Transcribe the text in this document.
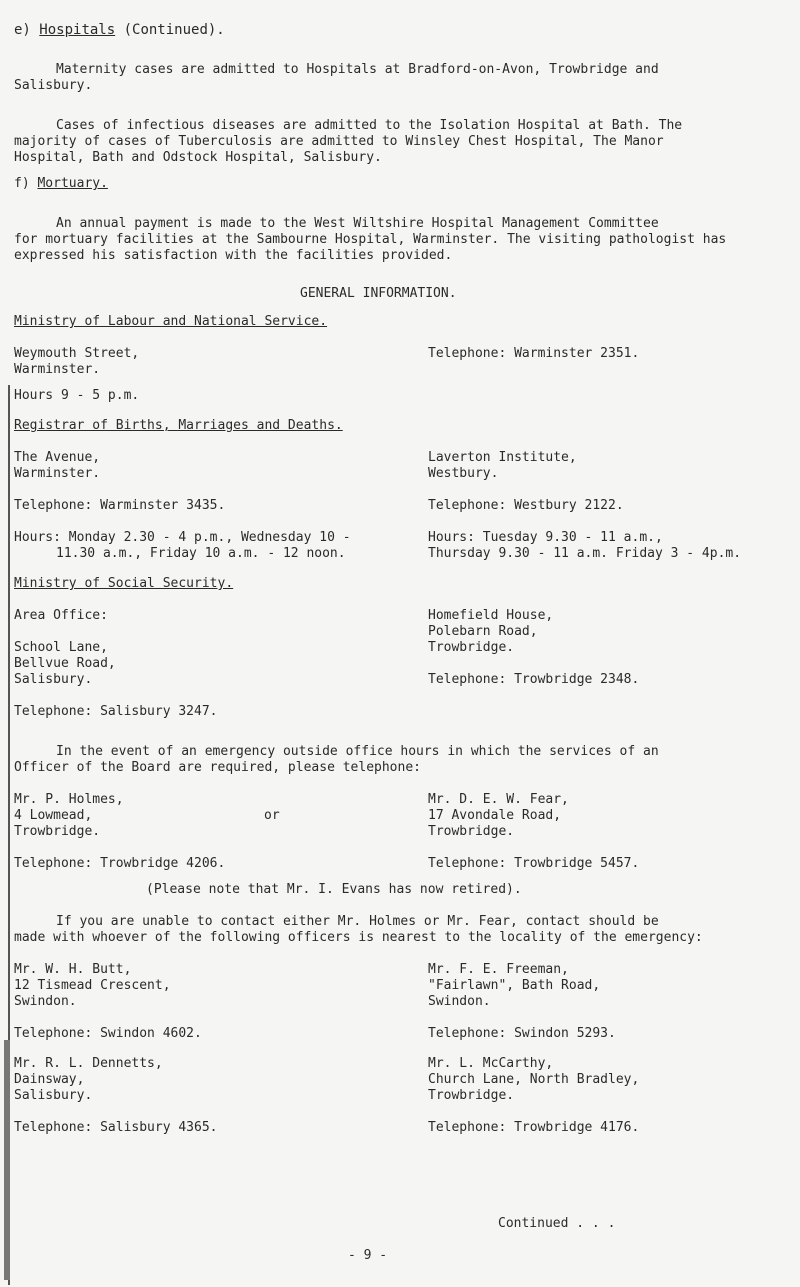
e) Hospitals (Continued).
Maternity cases are admitted to Hospitals at Bradford-on-Avon, Trowbridge and
Salisbury.
Cases of infectious diseases are admitted to the Isolation Hospital at Bath. The
majority of cases of Tuberculosis are admitted to Winsley Chest Hospital, The Manor
Hospital, Bath and Odstock Hospital, Salisbury.
f) Mortuary.
An annual payment is made to the West Wiltshire Hospital Management Committee
for mortuary facilities at the Sambourne Hospital, Warminster. The visiting pathologist has
expressed his satisfaction with the facilities provided.
GENERAL INFORMATION.
Ministry of Labour and National Service.
Weymouth Street,
Warminster.
Telephone: Warminster 2351.
Hours 9 - 5 p.m.
Registrar of Births, Marriages and Deaths.
The Avenue,
Warminster.
Laverton Institute,
Westbury.
Telephone: Warminster 3435.	Telephone: Westbury 2122.
Hours: Monday 2.30 - 4 p.m., Wednesday 10 -
11.30 a.m., Friday 10 a.m. - 12 noon.
Hours: Tuesday 9.30 - 11 a.m.,
Thursday 9.30 - 11 a.m. Friday 3 - 4p.m.
Ministry of Social Security.
Area Office:
School Lane,
Bellvue Road,
Salisbury.
Homefield House,
Polebarn Road,
Trowbridge.
Telephone: Trowbridge 2348.
Telephone: Salisbury 3247.
In the event of an emergency outside office hours in which the services of an
Officer of the Board are required, please telephone:
Mr. P. Holmes,
4 Lowmead,
Trowbridge.
or
Mr. D. E. W. Fear,
17 Avondale Road,
Trowbridge.
Telephone: Trowbridge 4206.	Telephone: Trowbridge 5457.
(Please note that Mr. I. Evans has now retired).
If you are unable to contact either Mr. Holmes or Mr. Fear, contact should be
made with whoever of the following officers is nearest to the locality of the emergency:
Mr. W. H. Butt,
12 Tismead Crescent,
Swindon.
Telephone: Swindon 4602.
Mr. F. E. Freeman,
"Fairlawn", Bath Road,
Swindon.
Telephone: Swindon 5293.
Mr. R. L. Dennetts,
Dainsway,
Salisbury.
Telephone: Salisbury 4365.
Mr. L. McCarthy,
Church Lane, North Bradley,
Trowbridge.
Telephone: Trowbridge 4176.
Continued . . .
- 9 -
